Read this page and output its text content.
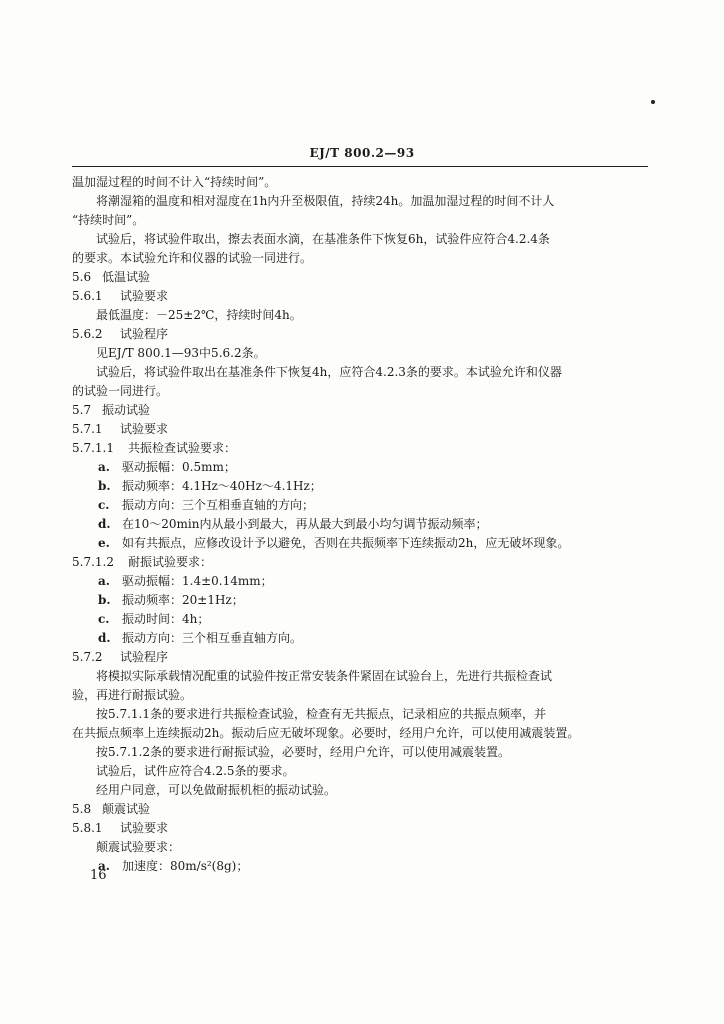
EJ/T 800.2—93
温加湿过程的时间不计入“持续时间”。
将潮湿箱的温度和相对湿度在1h内升至极限值，持续24h。加温加湿过程的时间不计人
“持续时间”。
试验后，将试验件取出，擦去表面水滴，在基准条件下恢复6h，试验件应符合4.2.4条
的要求。本试验允许和仪器的试验一同进行。
5.6 低温试验
5.6.1 试验要求
最低温度：－25±2℃，持续时间4h。
5.6.2 试验程序
见EJ/T 800.1—93中5.6.2条。
试验后，将试验件取出在基准条件下恢复4h，应符合4.2.3条的要求。本试验允许和仪器
的试验一同进行。
5.7 振动试验
5.7.1 试验要求
5.7.1.1 共振检查试验要求：
a. 驱动振幅：0.5mm；
b. 振动频率：4.1Hz～40Hz～4.1Hz；
c. 振动方向：三个互相垂直轴的方向；
d. 在10～20min内从最小到最大，再从最大到最小均匀调节振动频率；
e. 如有共振点，应修改设计予以避免，否则在共振频率下连续振动2h，应无破坏现象。
5.7.1.2 耐振试验要求：
a. 驱动振幅：1.4±0.14mm；
b. 振动频率：20±1Hz；
c. 振动时间：4h；
d. 振动方向：三个相互垂直轴方向。
5.7.2 试验程序
将模拟实际承载情况配重的试验件按正常安装条件紧固在试验台上，先进行共振检查试
验，再进行耐振试验。
按5.7.1.1条的要求进行共振检查试验，检查有无共振点，记录相应的共振点频率，并
在共振点频率上连续振动2h。振动后应无破坏现象。必要时，经用户允许，可以使用减震装置。
按5.7.1.2条的要求进行耐振试验，必要时，经用户允许，可以使用减震装置。
试验后，试件应符合4.2.5条的要求。
经用户同意，可以免做耐振机柜的振动试验。
5.8 颠震试验
5.8.1 试验要求
颠震试验要求：
a. 加速度：80m/s²(8g)；
16
